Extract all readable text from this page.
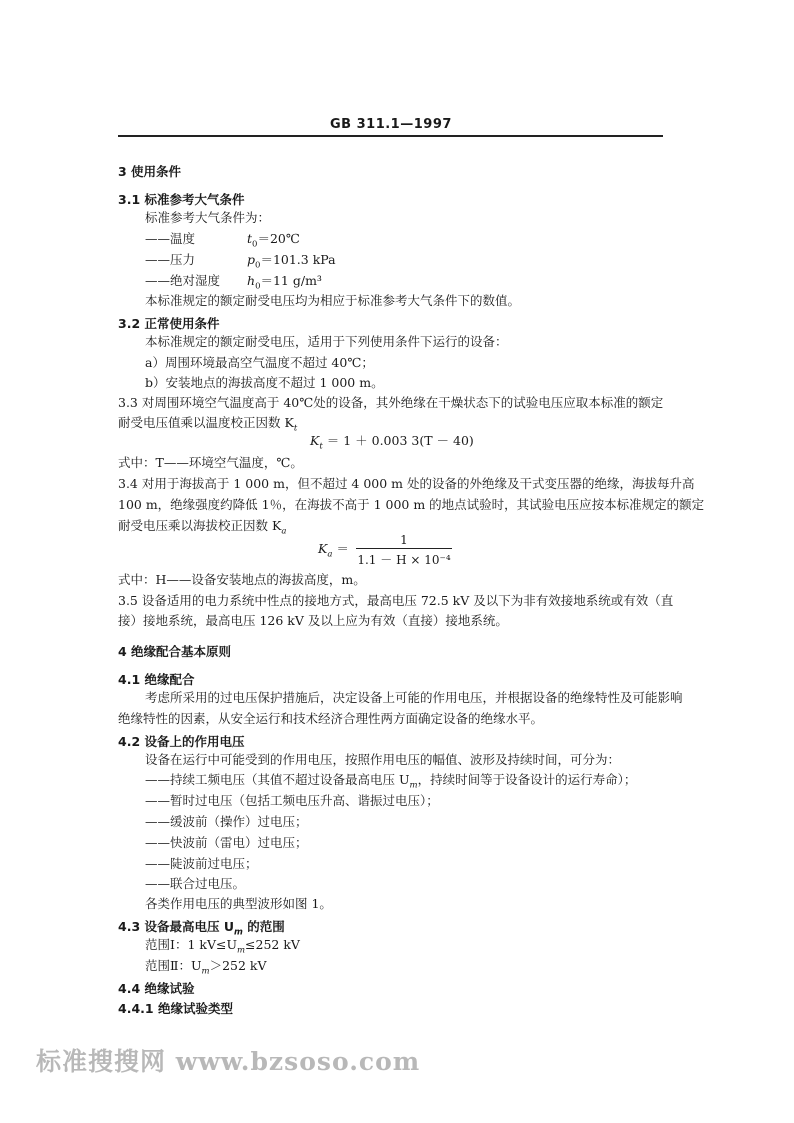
GB 311.1—1997
3 使用条件
3.1 标准参考大气条件
标准参考大气条件为：
——温度	$t_0=20℃$
——压力	$p_0=101.3$ kPa
——绝对湿度 $h_0=11$ g/m³
本标准规定的额定耐受电压均为相应于标准参考大气条件下的数值。
3.2 正常使用条件
本标准规定的额定耐受电压，适用于下列使用条件下运行的设备：
a）周围环境最高空气温度不超过 40℃；
b）安装地点的海拔高度不超过 1 000 m。
3.3 对周围环境空气温度高于 40℃处的设备，其外绝缘在干燥状态下的试验电压应取本标准的额定
耐受电压值乘以温度校正因数 $K_t$
$K_t = 1 + 0.003$ 3(T － 40)
式中：T——环境空气温度，℃。
3.4 对用于海拔高于 1 000 m，但不超过 4 000 m 处的设备的外绝缘及干式变压器的绝缘，海拔每升高
100 m，绝缘强度约降低 1％，在海拔不高于 1 000 m 的地点试验时，其试验电压应按本标准规定的额定
耐受电压乘以海拔校正因数 $K_a$
$K_a$ ＝
1
1.1 － H × 10⁻⁴
式中：H——设备安装地点的海拔高度，m。
3.5 设备适用的电力系统中性点的接地方式，最高电压 72.5 kV 及以下为非有效接地系统或有效（直
接）接地系统，最高电压 126 kV 及以上应为有效（直接）接地系统。
4 绝缘配合基本原则
4.1 绝缘配合
考虑所采用的过电压保护措施后，决定设备上可能的作用电压，并根据设备的绝缘特性及可能影响
绝缘特性的因素，从安全运行和技术经济合理性两方面确定设备的绝缘水平。
4.2 设备上的作用电压
设备在运行中可能受到的作用电压，按照作用电压的幅值、波形及持续时间，可分为：
——持续工频电压（其值不超过设备最高电压 $U_m$，持续时间等于设备设计的运行寿命）；
——暂时过电压（包括工频电压升高、谐振过电压）；
——缓波前（操作）过电压；
——快波前（雷电）过电压；
——陡波前过电压；
——联合过电压。
各类作用电压的典型波形如图 1。
4.3 设备最高电压 $U_m$ 的范围
范围Ⅰ：1 $kV\le U_m\le 252$ kV
范围Ⅱ：$U_m>252$ kV
4.4 绝缘试验
4.4.1 绝缘试验类型
标准搜搜网 www.bzsoso.com
